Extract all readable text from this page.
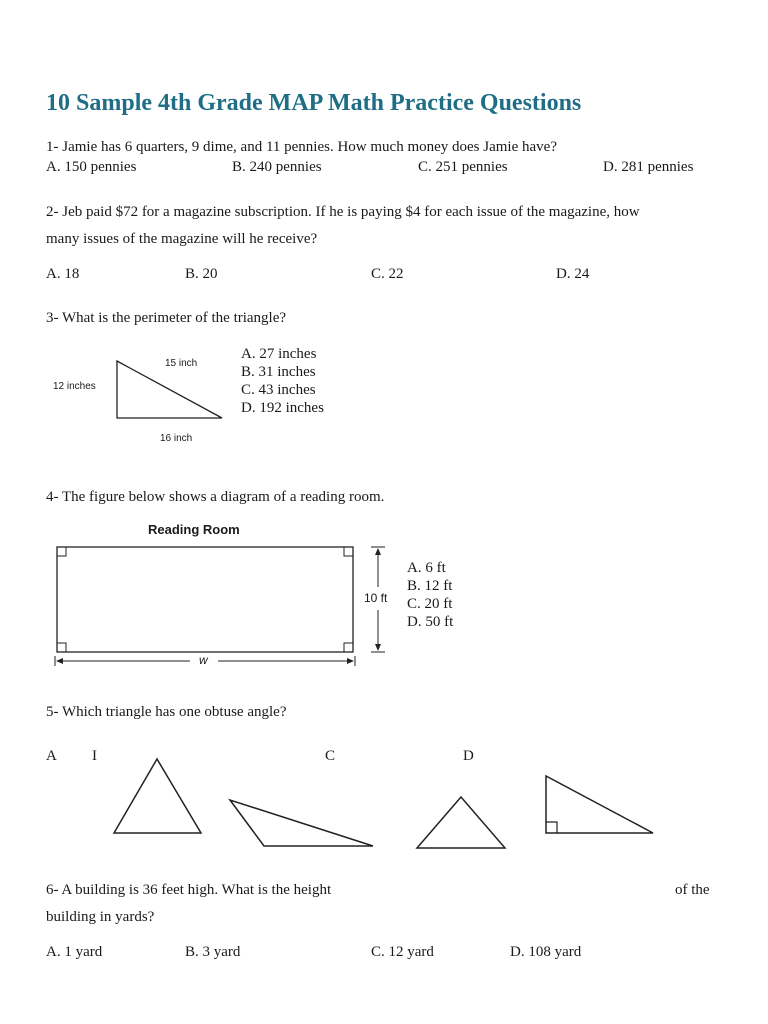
10 Sample 4th Grade MAP Math Practice Questions
1- Jamie has 6 quarters, 9 dime, and 11 pennies. How much money does Jamie have?
A. 150 pennies	B. 240 pennies	C. 251 pennies	D. 281 pennies
2- Jeb paid $72 for a magazine subscription. If he is paying $4 for each issue of the magazine, how
many issues of the magazine will he receive?
A. 18	B. 20	C. 22	D. 24
3- What is the perimeter of the triangle?
15 inch
12 inches
16 inch
A. 27 inches
B. 31 inches
C. 43 inches
D. 192 inches
4- The figure below shows a diagram of a reading room.
Reading Room
10 ft
w
A. 6 ft
B. 12 ft
C. 20 ft
D. 50 ft
5- Which triangle has one obtuse angle?
A I	C	D
6- A building is 36 feet high. What is the height	of the
building in yards?
A. 1 yard	B. 3 yard	C. 12 yard	D. 108 yard
